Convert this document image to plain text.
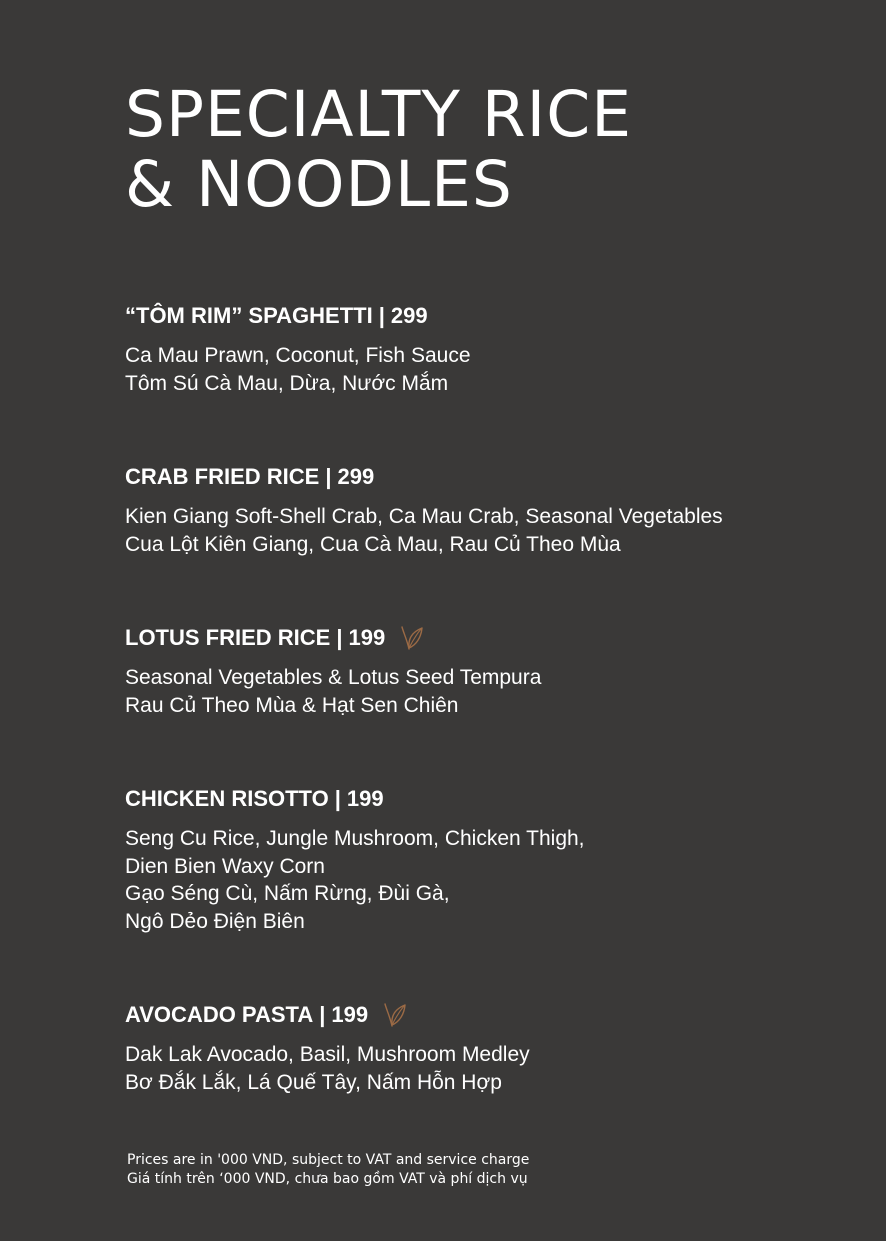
SPECIALTY RICE
& NOODLES
“TÔM RIM” SPAGHETTI | 299
Ca Mau Prawn, Coconut, Fish Sauce
Tôm Sú Cà Mau, Dừa, Nước Mắm
CRAB FRIED RICE | 299
Kien Giang Soft-Shell Crab, Ca Mau Crab, Seasonal Vegetables
Cua Lột Kiên Giang, Cua Cà Mau, Rau Củ Theo Mùa
LOTUS FRIED RICE | 199
Seasonal Vegetables & Lotus Seed Tempura
Rau Củ Theo Mùa & Hạt Sen Chiên
CHICKEN RISOTTO | 199
Seng Cu Rice, Jungle Mushroom, Chicken Thigh,
Dien Bien Waxy Corn
Gạo Séng Cù, Nấm Rừng, Đùi Gà,
Ngô Dẻo Điện Biên
AVOCADO PASTA | 199
Dak Lak Avocado, Basil, Mushroom Medley
Bơ Đắk Lắk, Lá Quế Tây, Nấm Hỗn Hợp
Prices are in '000 VND, subject to VAT and service charge
Giá tính trên ‘000 VND, chưa bao gồm VAT và phí dịch vụ
